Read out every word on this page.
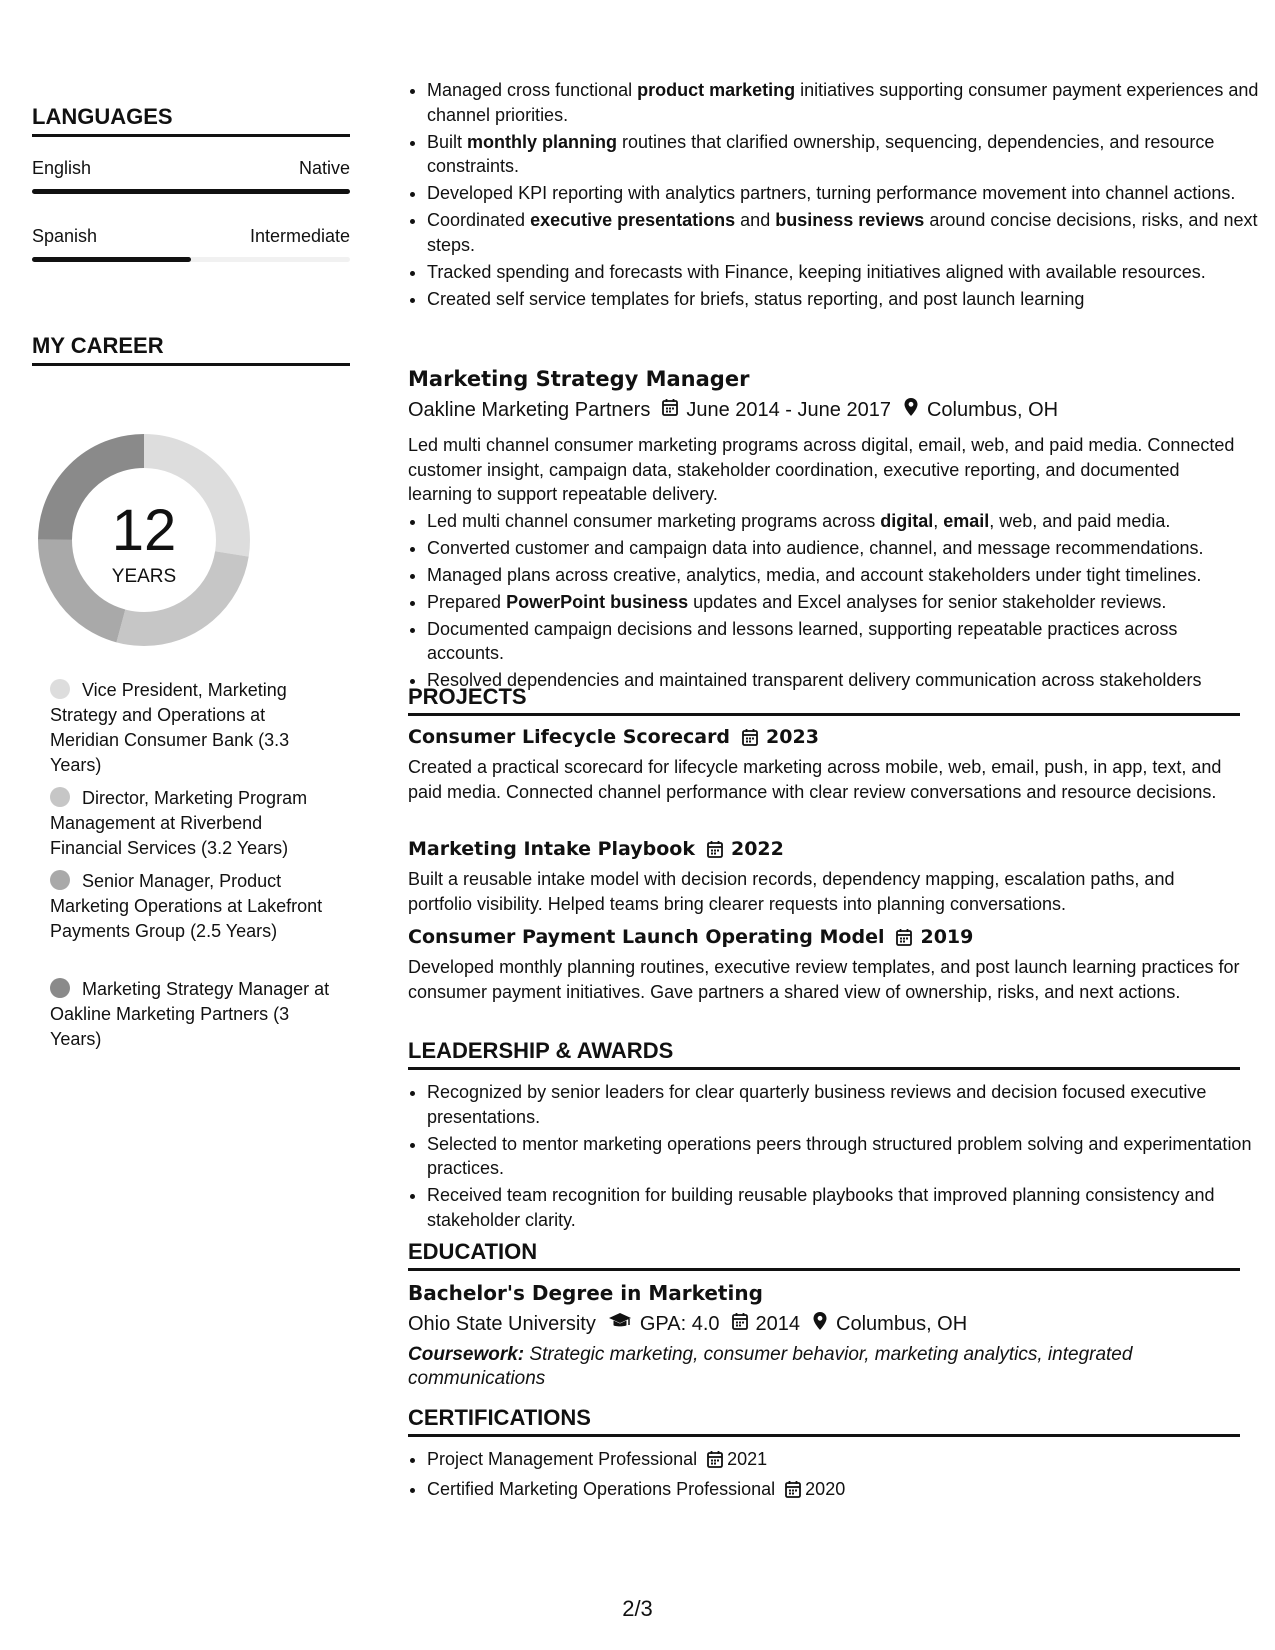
LANGUAGES
English	Native
Spanish	Intermediate
MY CAREER
12
YEARS
Vice President, Marketing Strategy and Operations at Meridian Consumer Bank (3.3 Years)
Director, Marketing Program Management at Riverbend Financial Services (3.2 Years)
Senior Manager, Product Marketing Operations at Lakefront Payments Group (2.5 Years)
Marketing Strategy Manager at Oakline Marketing Partners (3 Years)
• Managed cross functional product marketing initiatives supporting consumer payment experiences and channel priorities.
• Built monthly planning routines that clarified ownership, sequencing, dependencies, and resource constraints.
• Developed KPI reporting with analytics partners, turning performance movement into channel actions.
• Coordinated executive presentations and business reviews around concise decisions, risks, and next steps.
• Tracked spending and forecasts with Finance, keeping initiatives aligned with available resources.
• Created self service templates for briefs, status reporting, and post launch learning
Marketing Strategy Manager
Oakline Marketing Partners June 2014 - June 2017 Columbus, OH
Led multi channel consumer marketing programs across digital, email, web, and paid media. Connected customer insight, campaign data, stakeholder coordination, executive reporting, and documented learning to support repeatable delivery.
• Led multi channel consumer marketing programs across digital, email, web, and paid media.
• Converted customer and campaign data into audience, channel, and message recommendations.
• Managed plans across creative, analytics, media, and account stakeholders under tight timelines.
• Prepared PowerPoint business updates and Excel analyses for senior stakeholder reviews.
• Documented campaign decisions and lessons learned, supporting repeatable practices across accounts.
• Resolved dependencies and maintained transparent delivery communication across stakeholders
PROJECTS
Consumer Lifecycle Scorecard 2023
Created a practical scorecard for lifecycle marketing across mobile, web, email, push, in app, text, and paid media. Connected channel performance with clear review conversations and resource decisions.
Marketing Intake Playbook 2022
Built a reusable intake model with decision records, dependency mapping, escalation paths, and portfolio visibility. Helped teams bring clearer requests into planning conversations.
Consumer Payment Launch Operating Model 2019
Developed monthly planning routines, executive review templates, and post launch learning practices for consumer payment initiatives. Gave partners a shared view of ownership, risks, and next actions.
LEADERSHIP & AWARDS
• Recognized by senior leaders for clear quarterly business reviews and decision focused executive presentations.
• Selected to mentor marketing operations peers through structured problem solving and experimentation practices.
• Received team recognition for building reusable playbooks that improved planning consistency and stakeholder clarity.
EDUCATION
Bachelor's Degree in Marketing
Ohio State University GPA: 4.0 2014 Columbus, OH
Coursework: Strategic marketing, consumer behavior, marketing analytics, integrated communications
CERTIFICATIONS
• Project Management Professional 2021
• Certified Marketing Operations Professional 2020
2/3
